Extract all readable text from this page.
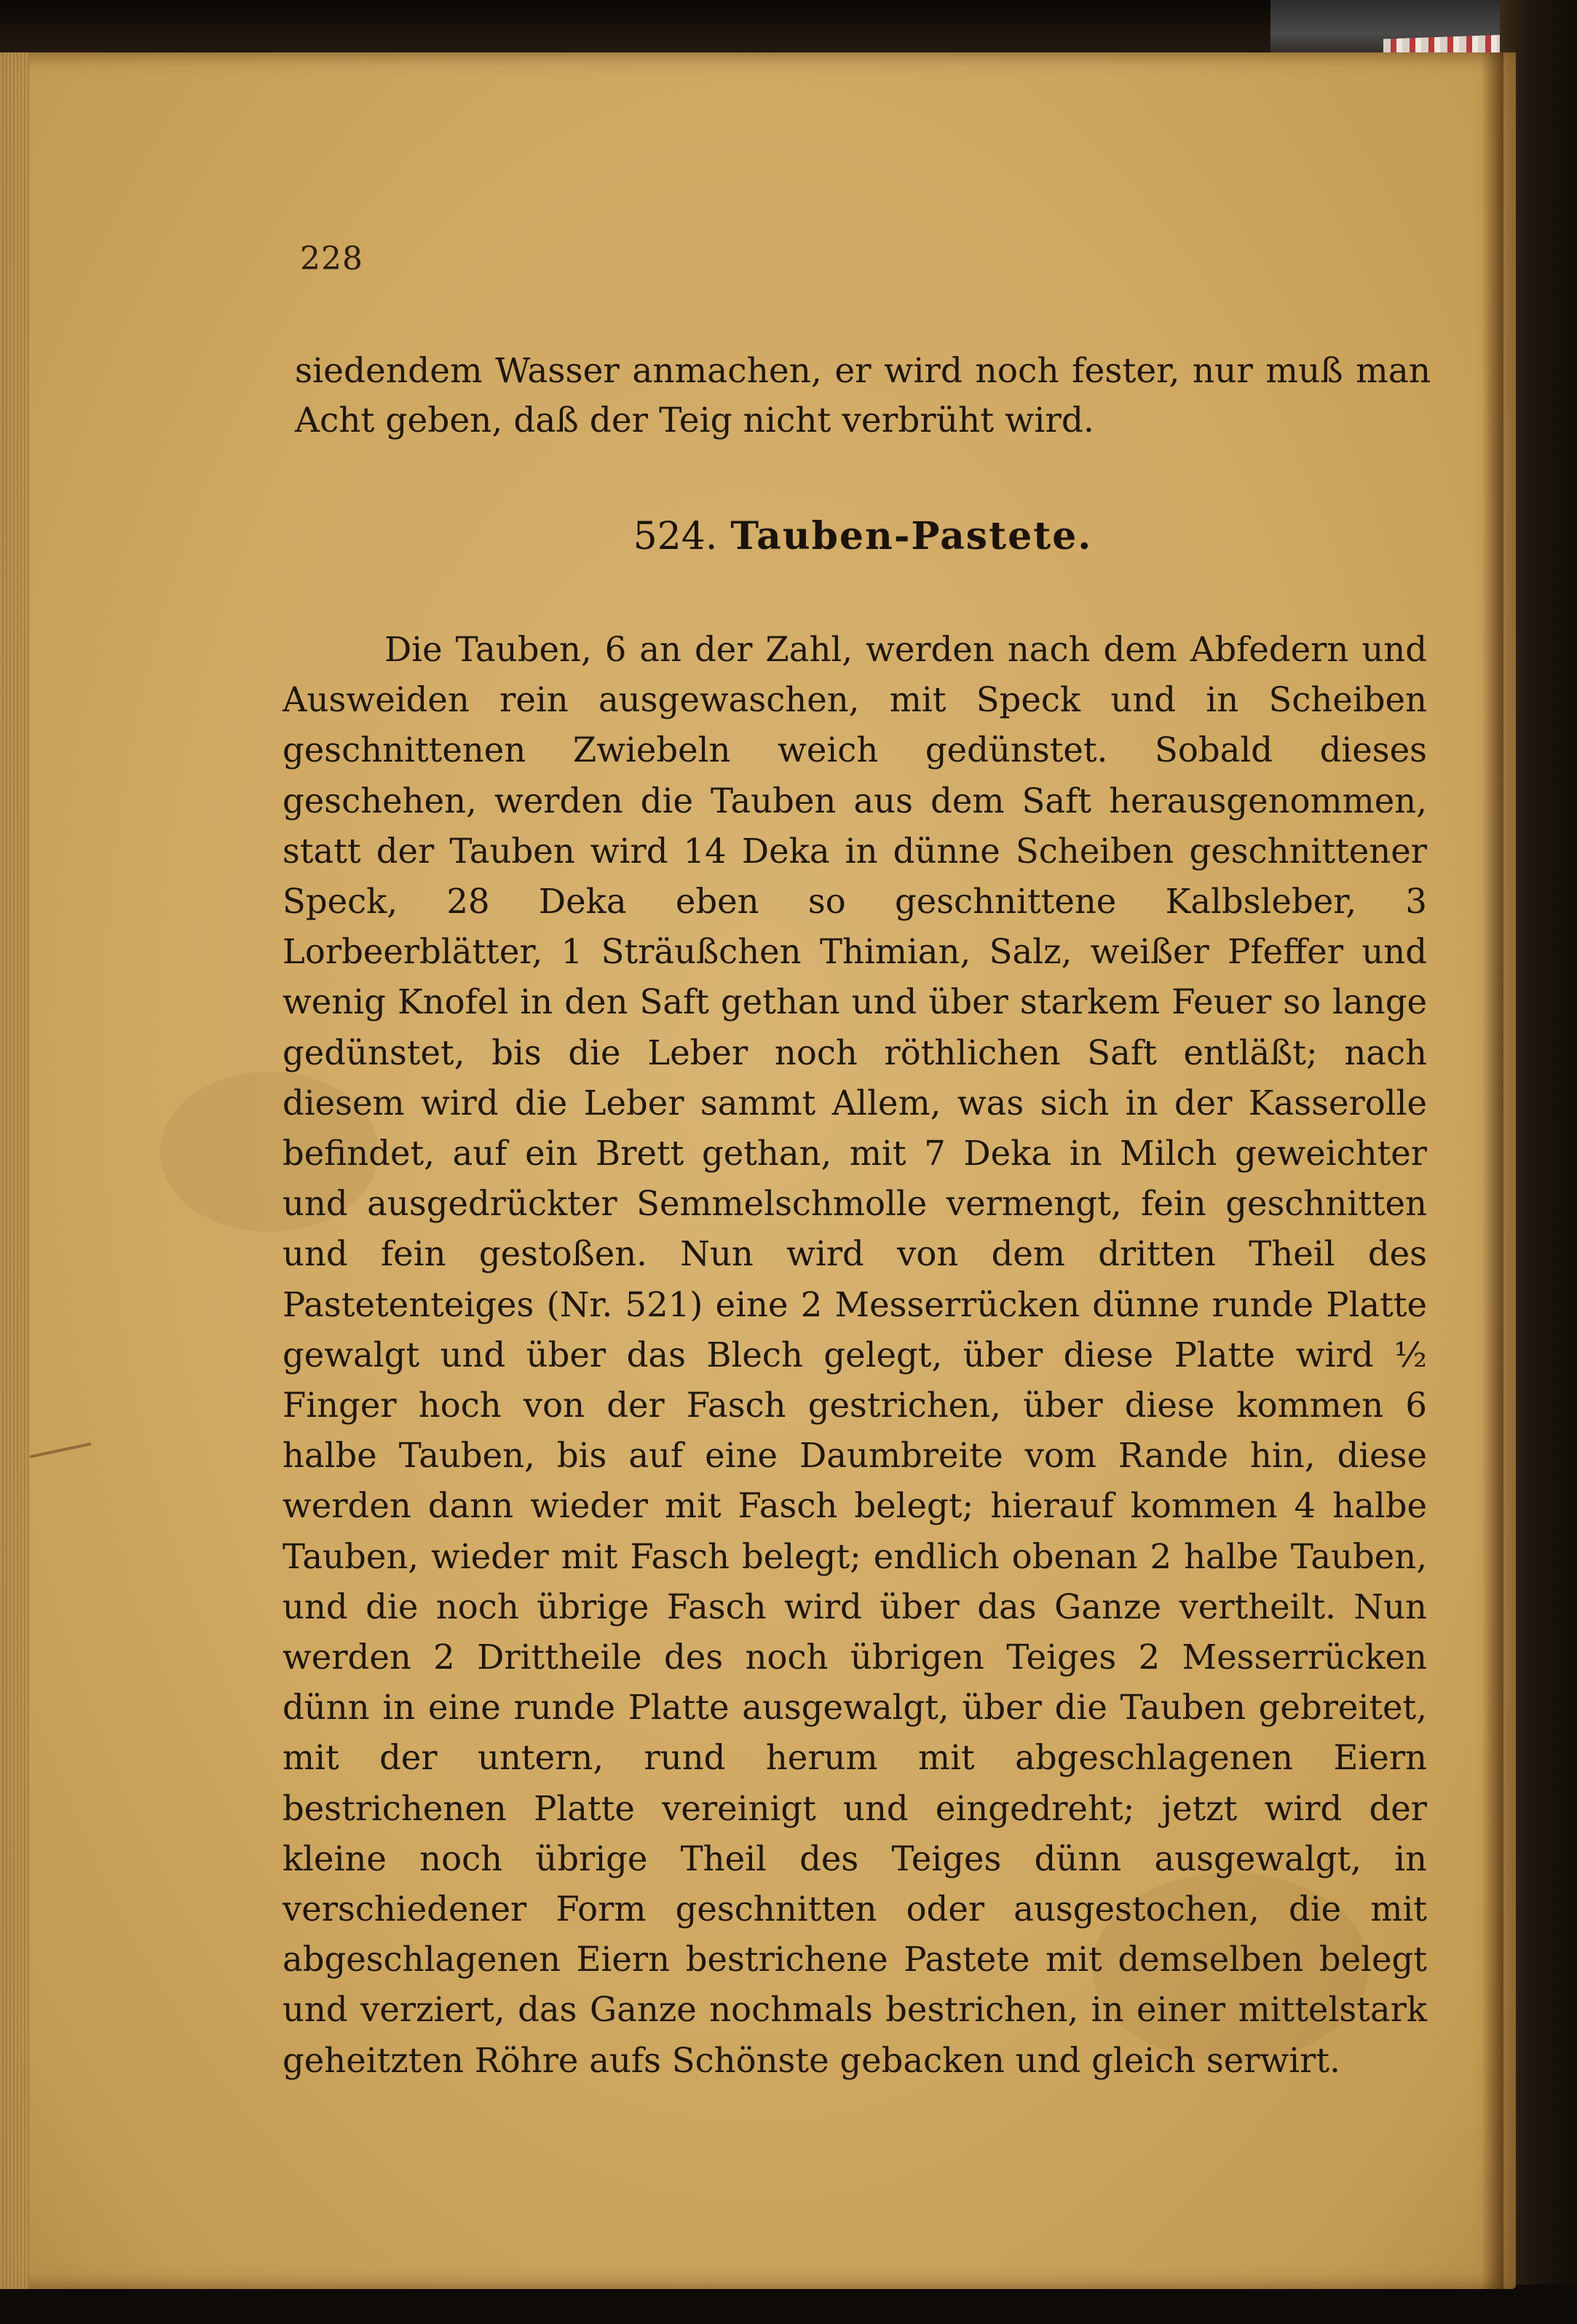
228

siedendem Wasser anmachen, er wird noch fester, nur muß man Acht geben, daß der Teig nicht verbrüht wird.

524. Tauben-Pastete.

Die Tauben, 6 an der Zahl, werden nach dem Abfedern und Ausweiden rein ausgewaschen, mit Speck und in Scheiben geschnittenen Zwiebeln weich gedünstet. Sobald dieses geschehen, werden die Tauben aus dem Saft herausgenommen, statt der Tauben wird 14 Deka in dünne Scheiben geschnittener Speck, 28 Deka eben so geschnittene Kalbsleber, 3 Lorbeerblätter, 1 Sträußchen Thimian, Salz, weißer Pfeffer und wenig Knofel in den Saft gethan und über starkem Feuer so lange gedünstet, bis die Leber noch röthlichen Saft entläßt; nach diesem wird die Leber sammt Allem, was sich in der Kasserolle befindet, auf ein Brett gethan, mit 7 Deka in Milch geweichter und ausgedrückter Semmelschmolle vermengt, fein geschnitten und fein gestoßen. Nun wird von dem dritten Theil des Pastetenteiges (Nr. 521) eine 2 Messerrücken dünne runde Platte gewalgt und über das Blech gelegt, über diese Platte wird ½ Finger hoch von der Fasch gestrichen, über diese kommen 6 halbe Tauben, bis auf eine Daumbreite vom Rande hin, diese werden dann wieder mit Fasch belegt; hierauf kommen 4 halbe Tauben, wieder mit Fasch belegt; endlich obenan 2 halbe Tauben, und die noch übrige Fasch wird über das Ganze vertheilt. Nun werden 2 Drittheile des noch übrigen Teiges 2 Messerrücken dünn in eine runde Platte ausgewalgt, über die Tauben gebreitet, mit der untern, rund herum mit abgeschlagenen Eiern bestrichenen Platte vereinigt und eingedreht; jetzt wird der kleine noch übrige Theil des Teiges dünn ausgewalgt, in verschiedener Form geschnitten oder ausgestochen, die mit abgeschlagenen Eiern bestrichene Pastete mit demselben belegt und verziert, das Ganze nochmals bestrichen, in einer mittelstark geheitzten Röhre aufs Schönste gebacken und gleich serwirt.
